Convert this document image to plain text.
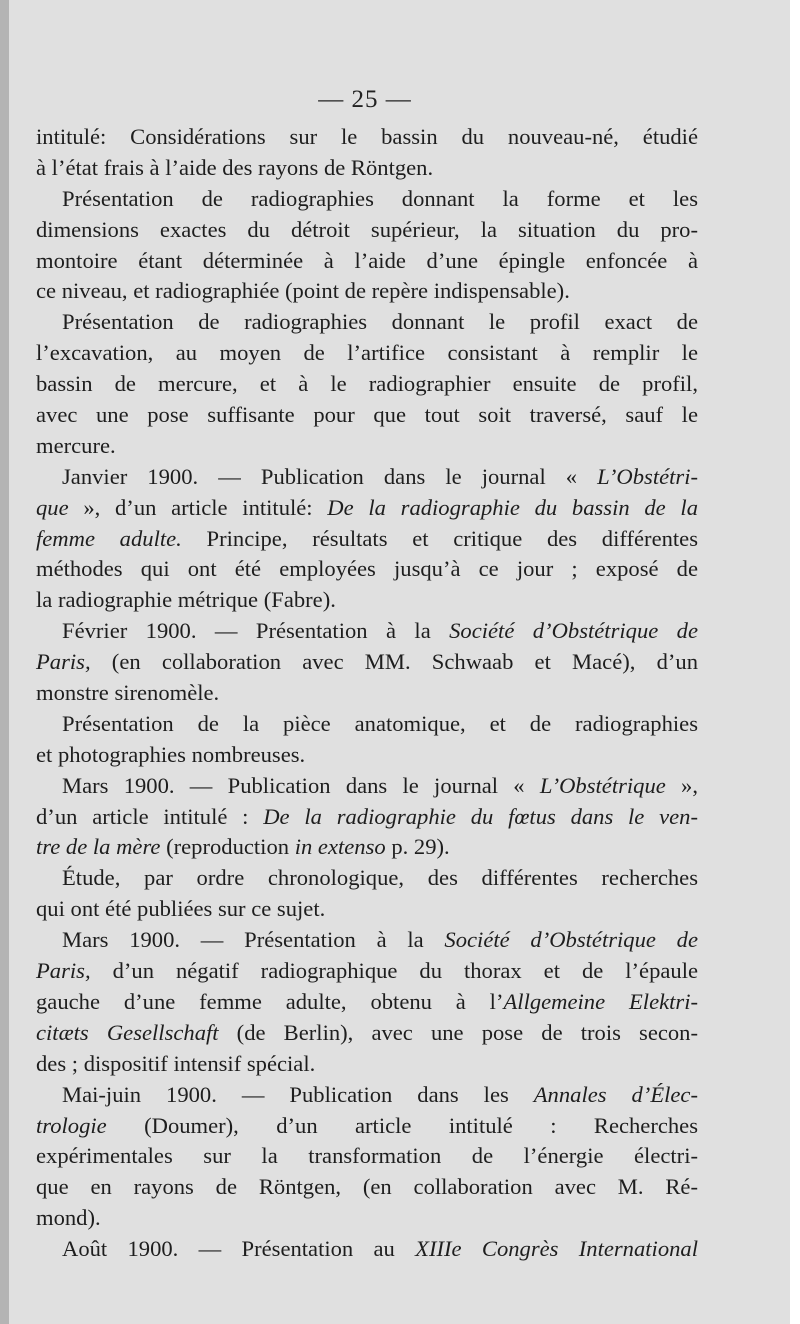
— 25 —
intitulé: Considérations sur le bassin du nouveau-né, étudié
à l’état frais à l’aide des rayons de Röntgen.
Présentation de radiographies donnant la forme et les
dimensions exactes du détroit supérieur, la situation du pro-
montoire étant déterminée à l’aide d’une épingle enfoncée à
ce niveau, et radiographiée (point de repère indispensable).
Présentation de radiographies donnant le profil exact de
l’excavation, au moyen de l’artifice consistant à remplir le
bassin de mercure, et à le radiographier ensuite de profil,
avec une pose suffisante pour que tout soit traversé, sauf le
mercure.
Janvier 1900. — Publication dans le journal « L’Obstétri-
que », d’un article intitulé: De la radiographie du bassin de la
femme adulte. Principe, résultats et critique des différentes
méthodes qui ont été employées jusqu’à ce jour ; exposé de
la radiographie métrique (Fabre).
Février 1900. — Présentation à la Société d’Obstétrique de
Paris, (en collaboration avec MM. Schwaab et Macé), d’un
monstre sirenomèle.
Présentation de la pièce anatomique, et de radiographies
et photographies nombreuses.
Mars 1900. — Publication dans le journal « L’Obstétrique »,
d’un article intitulé : De la radiographie du fœtus dans le ven-
tre de la mère (reproduction in extenso p. 29).
Étude, par ordre chronologique, des différentes recherches
qui ont été publiées sur ce sujet.
Mars 1900. — Présentation à la Société d’Obstétrique de
Paris, d’un négatif radiographique du thorax et de l’épaule
gauche d’une femme adulte, obtenu à l’Allgemeine Elektri-
citæts Gesellschaft (de Berlin), avec une pose de trois secon-
des ; dispositif intensif spécial.
Mai-juin 1900. — Publication dans les Annales d’Élec-
trologie (Doumer), d’un article intitulé : Recherches
expérimentales sur la transformation de l’énergie électri-
que en rayons de Röntgen, (en collaboration avec M. Ré-
mond).
Août 1900. — Présentation au XIIIe Congrès International
